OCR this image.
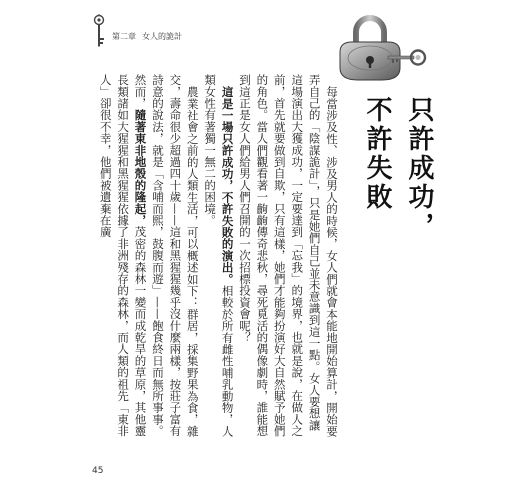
第二章 女人的詭計
只許成功，
不許失敗

每當涉及性、涉及男人的時候，女人們就會本能地開始算計，開始要弄自己的「陰謀詭計」，只是她們自己並未意識到這一點。女人要想讓這場演出大獲成功，一定要達到「忘我」的境界，也就是說，在做人之前，首先就要做到自欺，只有這樣，她們才能夠扮演好大自然賦予她們的角色。當人們觀看著一齣齣傳奇悲秋，尋死覓活的偶像劇時，誰能想到這正是女人們給男人們召開的一次招標投資會呢？

這是一場只許成功，不許失敗的演出。相較於所有雌性哺乳動物，人類女性有著獨一無二的困境。

農業社會之前的人類生活，可以概述如下：群居，採集野果為食，雜交，壽命很少超過四十歲——這和黑猩猩幾乎沒什麼兩樣，按莊子富有詩意的說法，就是「含哺而熙，鼓腹而遊」——飽食終日而無所事事。然而，隨著東非地殼的隆起，茂密的森林一變而成乾旱的草原，其他靈長類諸如大猩猩和黑猩猩依據了非洲殘存的森林，而人類的祖先「東非人」卻很不幸，他們被遺棄在廣

45
